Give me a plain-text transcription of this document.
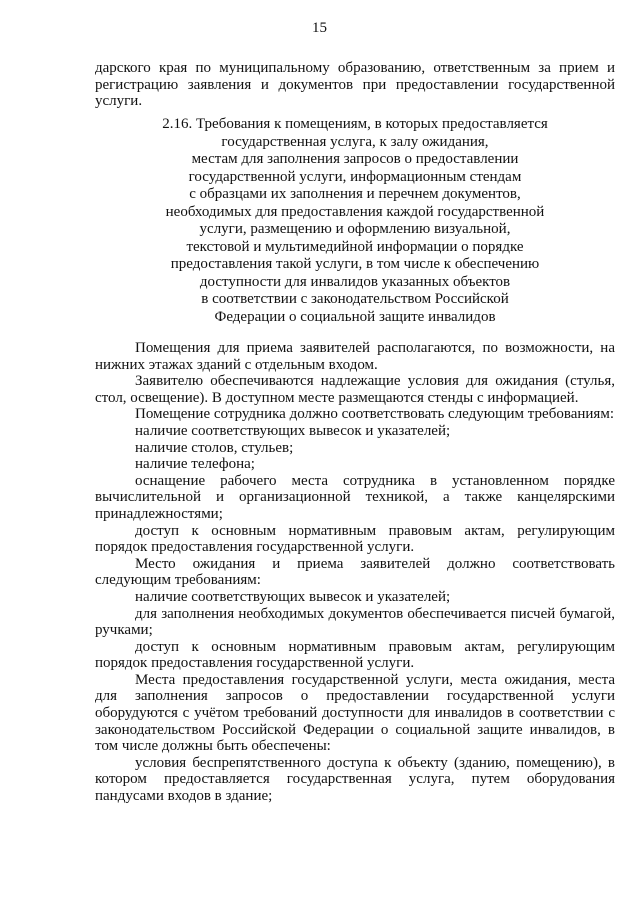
15

дарского края по муниципальному образованию, ответственным за прием и регистрацию заявления и документов при предоставлении государственной услуги.

2.16. Требования к помещениям, в которых предоставляется
государственная услуга, к залу ожидания,
местам для заполнения запросов о предоставлении
государственной услуги, информационным стендам
с образцами их заполнения и перечнем документов,
необходимых для предоставления каждой государственной
услуги, размещению и оформлению визуальной,
текстовой и мультимедийной информации о порядке
предоставления такой услуги, в том числе к обеспечению
доступности для инвалидов указанных объектов
в соответствии с законодательством Российской
Федерации о социальной защите инвалидов

Помещения для приема заявителей располагаются, по возможности, на нижних этажах зданий с отдельным входом.

Заявителю обеспечиваются надлежащие условия для ожидания (стулья, стол, освещение). В доступном месте размещаются стенды с информацией.

Помещение сотрудника должно соответствовать следующим требованиям:

наличие соответствующих вывесок и указателей;

наличие столов, стульев;

наличие телефона;

оснащение рабочего места сотрудника в установленном порядке вычислительной и организационной техникой, а также канцелярскими принадлежностями;

доступ к основным нормативным правовым актам, регулирующим порядок предоставления государственной услуги.

Место ожидания и приема заявителей должно соответствовать следующим требованиям:

наличие соответствующих вывесок и указателей;

для заполнения необходимых документов обеспечивается писчей бумагой, ручками;

доступ к основным нормативным правовым актам, регулирующим порядок предоставления государственной услуги.

Места предоставления государственной услуги, места ожидания, места для заполнения запросов о предоставлении государственной услуги оборудуются с учётом требований доступности для инвалидов в соответствии с законодательством Российской Федерации о социальной защите инвалидов, в том числе должны быть обеспечены:

условия беспрепятственного доступа к объекту (зданию, помещению), в котором предоставляется государственная услуга, путем оборудования пандусами входов в здание;
